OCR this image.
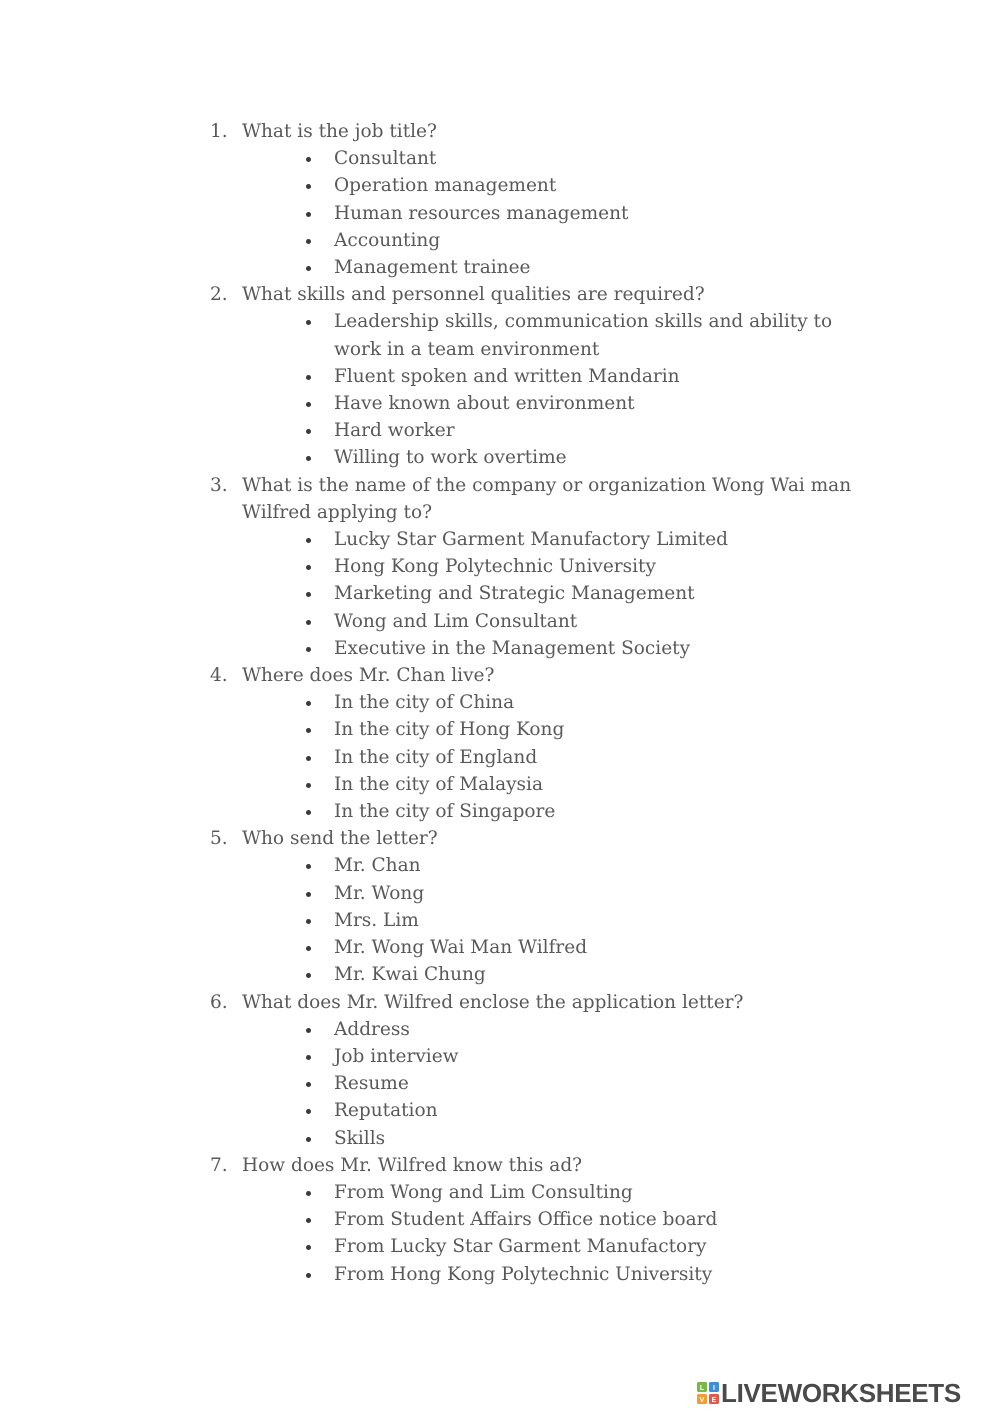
1. What is the job title?
Consultant
Operation management
Human resources management
Accounting
Management trainee
2. What skills and personnel qualities are required?
Leadership skills, communication skills and ability to work in a team environment
Fluent spoken and written Mandarin
Have known about environment
Hard worker
Willing to work overtime
3. What is the name of the company or organization Wong Wai man Wilfred applying to?
Lucky Star Garment Manufactory Limited
Hong Kong Polytechnic University
Marketing and Strategic Management
Wong and Lim Consultant
Executive in the Management Society
4. Where does Mr. Chan live?
In the city of China
In the city of Hong Kong
In the city of England
In the city of Malaysia
In the city of Singapore
5. Who send the letter?
Mr. Chan
Mr. Wong
Mrs. Lim
Mr. Wong Wai Man Wilfred
Mr. Kwai Chung
6. What does Mr. Wilfred enclose the application letter?
Address
Job interview
Resume
Reputation
Skills
7. How does Mr. Wilfred know this ad?
From Wong and Lim Consulting
From Student Affairs Office notice board
From Lucky Star Garment Manufactory
From Hong Kong Polytechnic University
L I
V E LIVEWORKSHEETS
